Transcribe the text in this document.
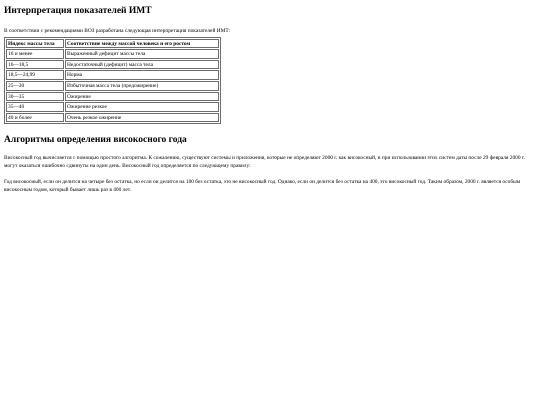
Интерпретация показателей ИМТ

В соответствии с рекомендациями ВОЗ разработана следующая интерпретация показателей ИМТ:

Индекс массы тела	Соответствие между массой человека и его ростом
16 и менее	Выраженный дефицит массы тела
16—18,5	Недостаточный (дефицит) масса тела
18,5—24,99	Норма
25—30	Избыточная масса тела (предожирение)
30—35	Ожирение
35—40	Ожирение резкое
40 и более	Очень резкое ожирение
Алгоритмы определения високосного года

Високосный год вычисляется с помощью простого алгоритма. К сожалению, существуют системы и приложения, которые не определяют 2000 г. как високосный, и при использовании этих систем даты после 29 февраля 2000 г. могут оказаться ошибочно сдвинуты на один день. Високосный год определяется по следующему правилу:

Год високосный, если он делится на четыре без остатка, но если он делится на 100 без остатка, это не високосный год. Однако, если он делится без остатка на 400, это високосный год. Таким образом, 2000 г. является особым високосным годом, который бывает лишь раз в 400 лет.
